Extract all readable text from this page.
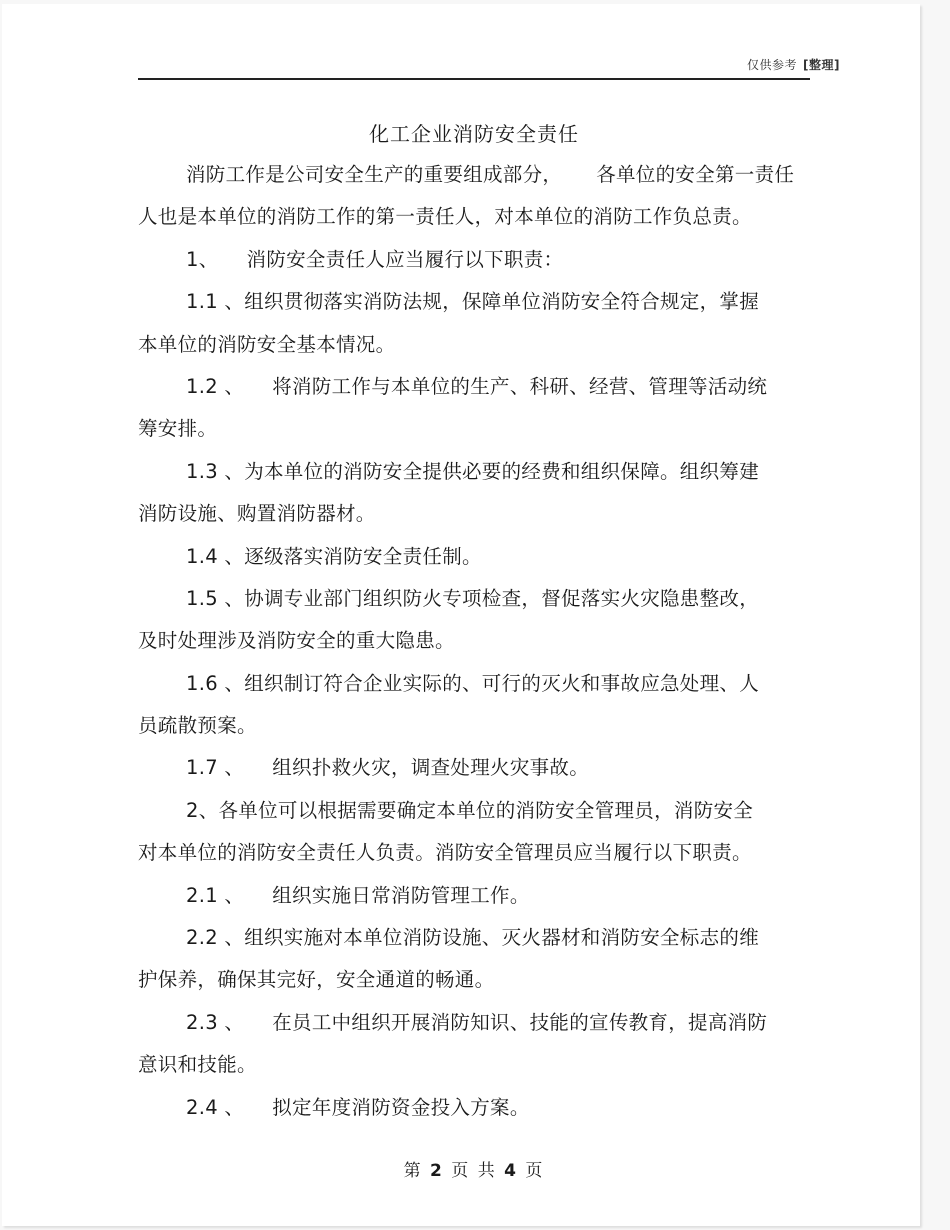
仅供参考 [整理]
化工企业消防安全责任
消防工作是公司安全生产的重要组成部分， 各单位的安全第一责任
人也是本单位的消防工作的第一责任人，对本单位的消防工作负总责。
1、 消防安全责任人应当履行以下职责：
1.1 、组织贯彻落实消防法规，保障单位消防安全符合规定，掌握
本单位的消防安全基本情况。
1.2 、 将消防工作与本单位的生产、科研、经营、管理等活动统
筹安排。
1.3 、为本单位的消防安全提供必要的经费和组织保障。组织筹建
消防设施、购置消防器材。
1.4 、逐级落实消防安全责任制。
1.5 、协调专业部门组织防火专项检查，督促落实火灾隐患整改，
及时处理涉及消防安全的重大隐患。
1.6 、组织制订符合企业实际的、可行的灭火和事故应急处理、人
员疏散预案。
1.7 、 组织扑救火灾，调查处理火灾事故。
2、各单位可以根据需要确定本单位的消防安全管理员，消防安全
对本单位的消防安全责任人负责。消防安全管理员应当履行以下职责。
2.1 、 组织实施日常消防管理工作。
2.2 、组织实施对本单位消防设施、灭火器材和消防安全标志的维
护保养，确保其完好，安全通道的畅通。
2.3 、 在员工中组织开展消防知识、技能的宣传教育，提高消防
意识和技能。
2.4 、 拟定年度消防资金投入方案。
第 2 页 共 4 页
